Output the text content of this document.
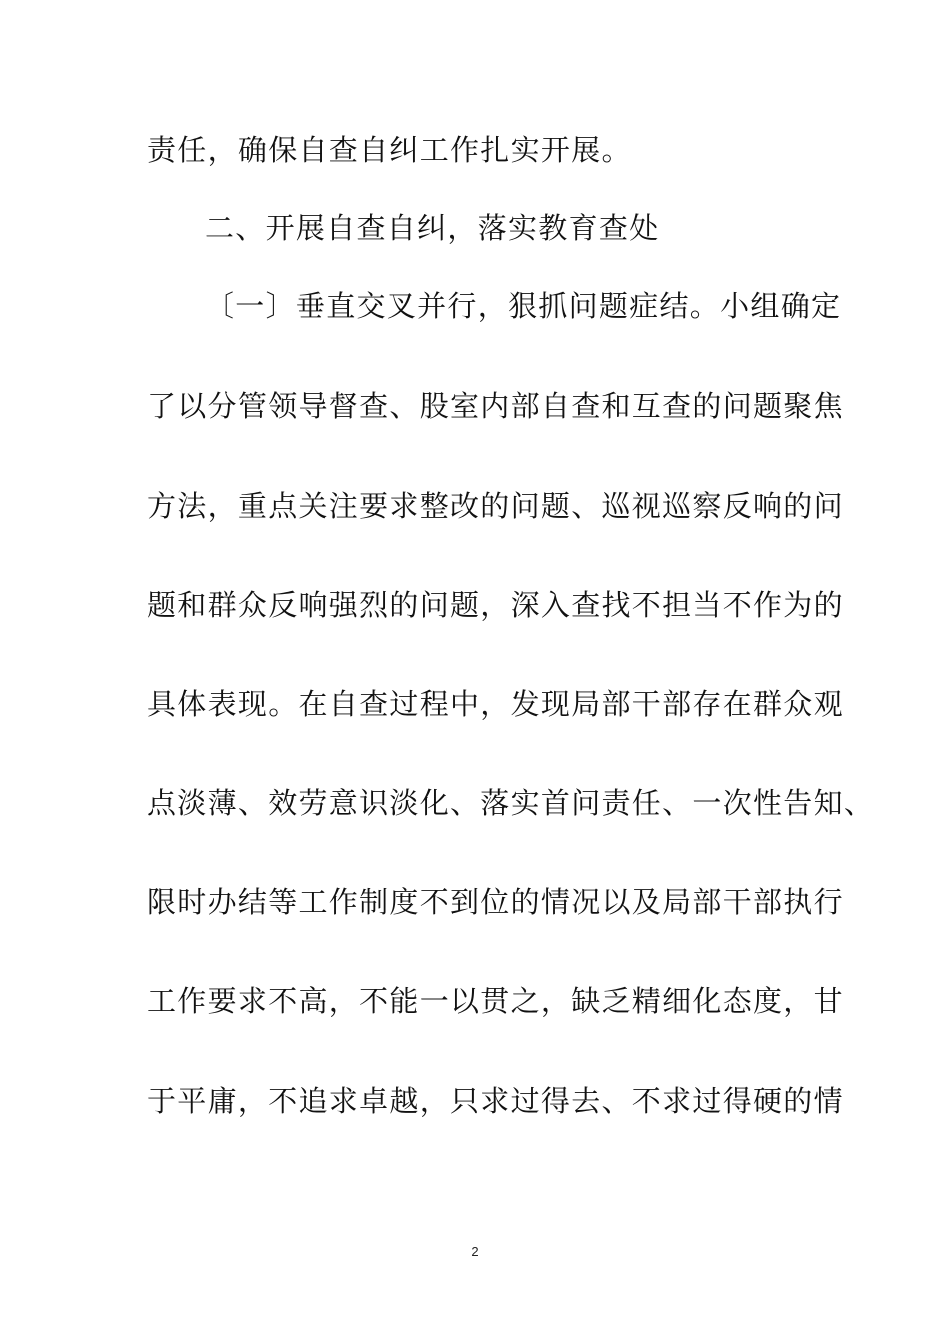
责任，确保自查自纠工作扎实开展。
二、开展自查自纠，落实教育查处
〔一〕垂直交叉并行，狠抓问题症结。小组确定
了以分管领导督查、股室内部自查和互查的问题聚焦
方法，重点关注要求整改的问题、巡视巡察反响的问
题和群众反响强烈的问题，深入查找不担当不作为的
具体表现。在自查过程中，发现局部干部存在群众观
点淡薄、效劳意识淡化、落实首问责任、一次性告知、
限时办结等工作制度不到位的情况以及局部干部执行
工作要求不高，不能一以贯之，缺乏精细化态度，甘
于平庸，不追求卓越，只求过得去、不求过得硬的情
2
